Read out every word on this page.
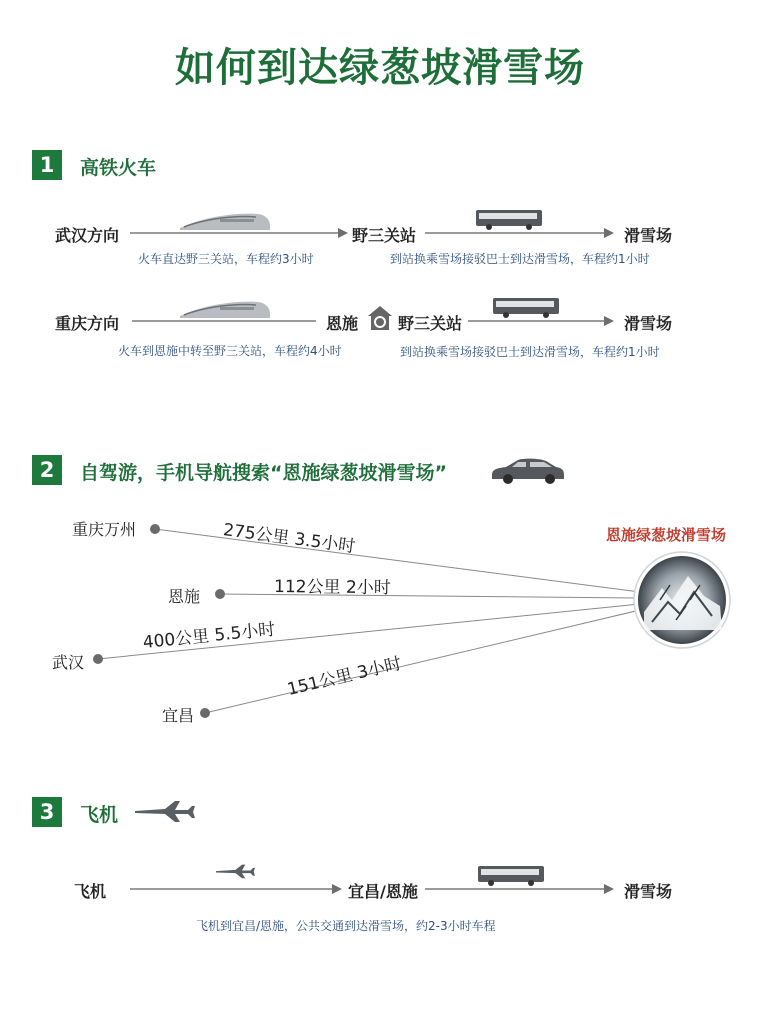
如何到达绿葱坡滑雪场
1	高铁火车
武汉方向	野三关站	滑雪场
火车直达野三关站，车程约3小时	到站换乘雪场接驳巴士到达滑雪场，车程约1小时
重庆方向	恩施 野三关站	滑雪场
火车到恩施中转至野三关站，车程约4小时	到站换乘雪场接驳巴士到达滑雪场，车程约1小时
2	自驾游，手机导航搜索“恩施绿葱坡滑雪场”
恩施绿葱坡滑雪场
重庆万州	275公里 3.5小时
恩施	112公里 2小时
武汉
400公里 5.5小时
宜昌
151公里 3小时
3	飞机
飞机	宜昌/恩施	滑雪场
飞机到宜昌/恩施，公共交通到达滑雪场，约2-3小时车程
